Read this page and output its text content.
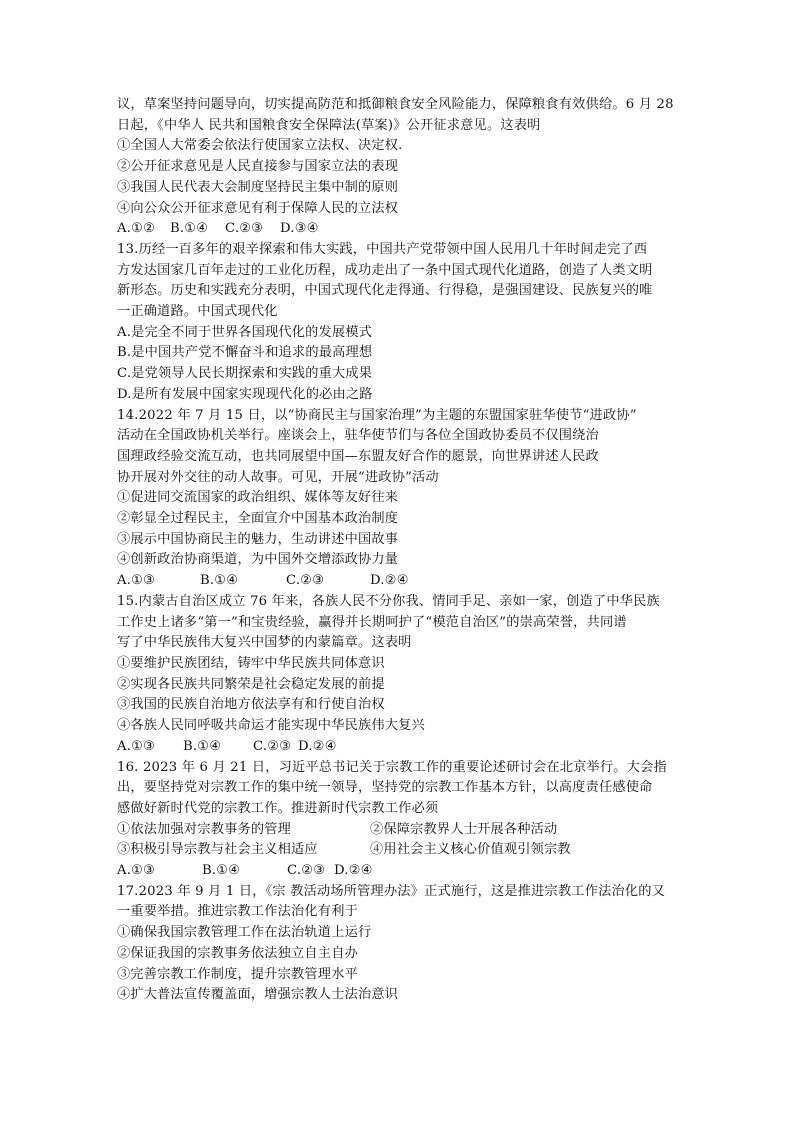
议，草案坚持问题导向，切实提高防范和抵御粮食安全风险能力，保障粮食有效供给。6 月 28
日起，《中华人 民共和国粮食安全保障法(草案)》公开征求意见。这表明
①全国人大常委会依法行使国家立法权、决定权.
②公开征求意见是人民直接参与国家立法的表现
③我国人民代表大会制度坚持民主集中制的原则
④向公众公开征求意见有利于保障人民的立法权
A.①②	B.①④	C.②③	D.③④
13.历经一百多年的艰辛探索和伟大实践，中国共产党带领中国人民用几十年时间走完了西
方发达国家几百年走过的工业化历程，成功走出了一条中国式现代化道路，创造了人类文明
新形态。历史和实践充分表明，中国式现代化走得通、行得稳，是强国建设、民族复兴的唯
一正确道路。中国式现代化
A.是完全不同于世界各国现代化的发展模式
B.是中国共产党不懈奋斗和追求的最高理想
C.是党领导人民长期探索和实践的重大成果
D.是所有发展中国家实现现代化的必由之路
14.2022 年 7 月 15 日，以“协商民主与国家治理”为主题的东盟国家驻华使节“进政协”
活动在全国政协机关举行。座谈会上，驻华使节们与各位全国政协委员不仅围绕治
国理政经验交流互动，也共同展望中国—东盟友好合作的愿景，向世界讲述人民政
协开展对外交往的动人故事。可见，开展“进政协”活动
①促进同交流国家的政治组织、媒体等友好往来
②彰显全过程民主，全面宣介中国基本政治制度
③展示中国协商民主的魅力，生动讲述中国故事
④创新政治协商渠道，为中国外交增添政协力量
A.①③	B.①④	C.②③	D.②④
15.内蒙古自治区成立 76 年来，各族人民不分你我、情同手足、亲如一家，创造了中华民族
工作史上诸多“第一”和宝贵经验，赢得并长期呵护了“模范自治区”的崇高荣誉，共同谱
写了中华民族伟大复兴中国梦的内蒙篇章。这表明
①要维护民族团结，铸牢中华民族共同体意识
②实现各民族共同繁荣是社会稳定发展的前提
③我国的民族自治地方依法享有和行使自治权
④各族人民同呼吸共命运才能实现中华民族伟大复兴
A.①③	B.①④	C.②③ D.②④
16. 2023 年 6 月 21 日，习近平总书记关于宗教工作的重要论述研讨会在北京举行。大会指
出，要坚持党对宗教工作的集中统一领导，坚持党的宗教工作基本方针，以高度责任感使命
感做好新时代党的宗教工作。推进新时代宗教工作必须
①依法加强对宗教事务的管理	②保障宗教界人士开展各种活动
③积极引导宗教与社会主义相适应	④用社会主义核心价值观引领宗教
A.①③	B.①④	C.②③ D.②④
17.2023 年 9 月 1 日，《宗 教活动场所管理办法》正式施行，这是推进宗教工作法治化的又
一重要举措。推进宗教工作法治化有利于
①确保我国宗教管理工作在法治轨道上运行
②保证我国的宗教事务依法独立自主自办
③完善宗教工作制度，提升宗教管理水平
④扩大普法宣传覆盖面，增强宗教人士法治意识
